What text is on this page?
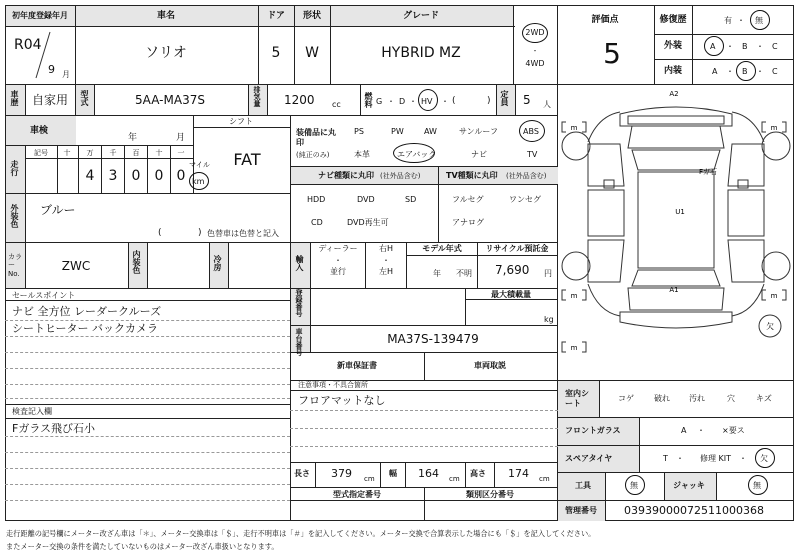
初年度登録年月	車名	ドア 形状	グレード
R04
9 月
ソリオ	5 W	HYBRID MZ
2WD
・
4WD
車歴 自家用 型式	5AA-MA37S	排気量 1200 cc	燃料 G ・ D ・ HV ・ (	) 定員 5 人
車検
年	月
シフト
FAT
走行
記号 十 万 千 百 十 一
4 3 0 0 0
マイル
km
装備品に丸印
(純正のみ)
PS	PW	AW	サンルーフ	ABS
本革	エアバック	ナビ	TV
ナビ種類に丸印 (社外品含む)	TV種類に丸印 (社外品含む)
HDD	DVD	SD
CD	DVD再生可
フルセグ	ワンセグ
アナログ
外装色 ブルー
(	) 色替車は色替と記入
カラーNo.
ZWC	内装色	冷房	輸入
ディーラー
・
並行
右H
・
左H
モデル年式
年 不明
リサイクル預託金
7,690 円
セールスポイント
ナビ 全方位 レーダークルーズ
シートヒーター バックカメラ
登録番号	最大積載量
kg
車台番号	MA37S-139479
新車保証書	車両取説
検査記入欄
Fガラス飛び石小
注意事項・不具合箇所
フロアマットなし
長さ 379 cm
幅 164 cm
高さ 174 cm
型式指定番号	類別区分番号
評価点
5
修復歴	有 ・ 無
外装	A ・ B ・ C
内装	A ・ B ・ C
A2
Fガ石
U1
A1
欠
m	m
m	m
m
室内シート
コゲ	破れ 汚れ	穴	キズ
フロントガラス	A ・ ×要ス
スペアタイヤ	T ・ 修理 KIT ・ 欠
工具	無	ジャッキ	無
管理番号 03939000072511000368
走行距離の記号欄にメーター改ざん車は「＊」、メーター交換車は「＄」、走行不明車は「＃」を記入してください。メーター交換で合算表示した場合にも「＄」を記入してください。
またメーター交換の条件を満たしていないものはメーター改ざん車扱いとなります。
